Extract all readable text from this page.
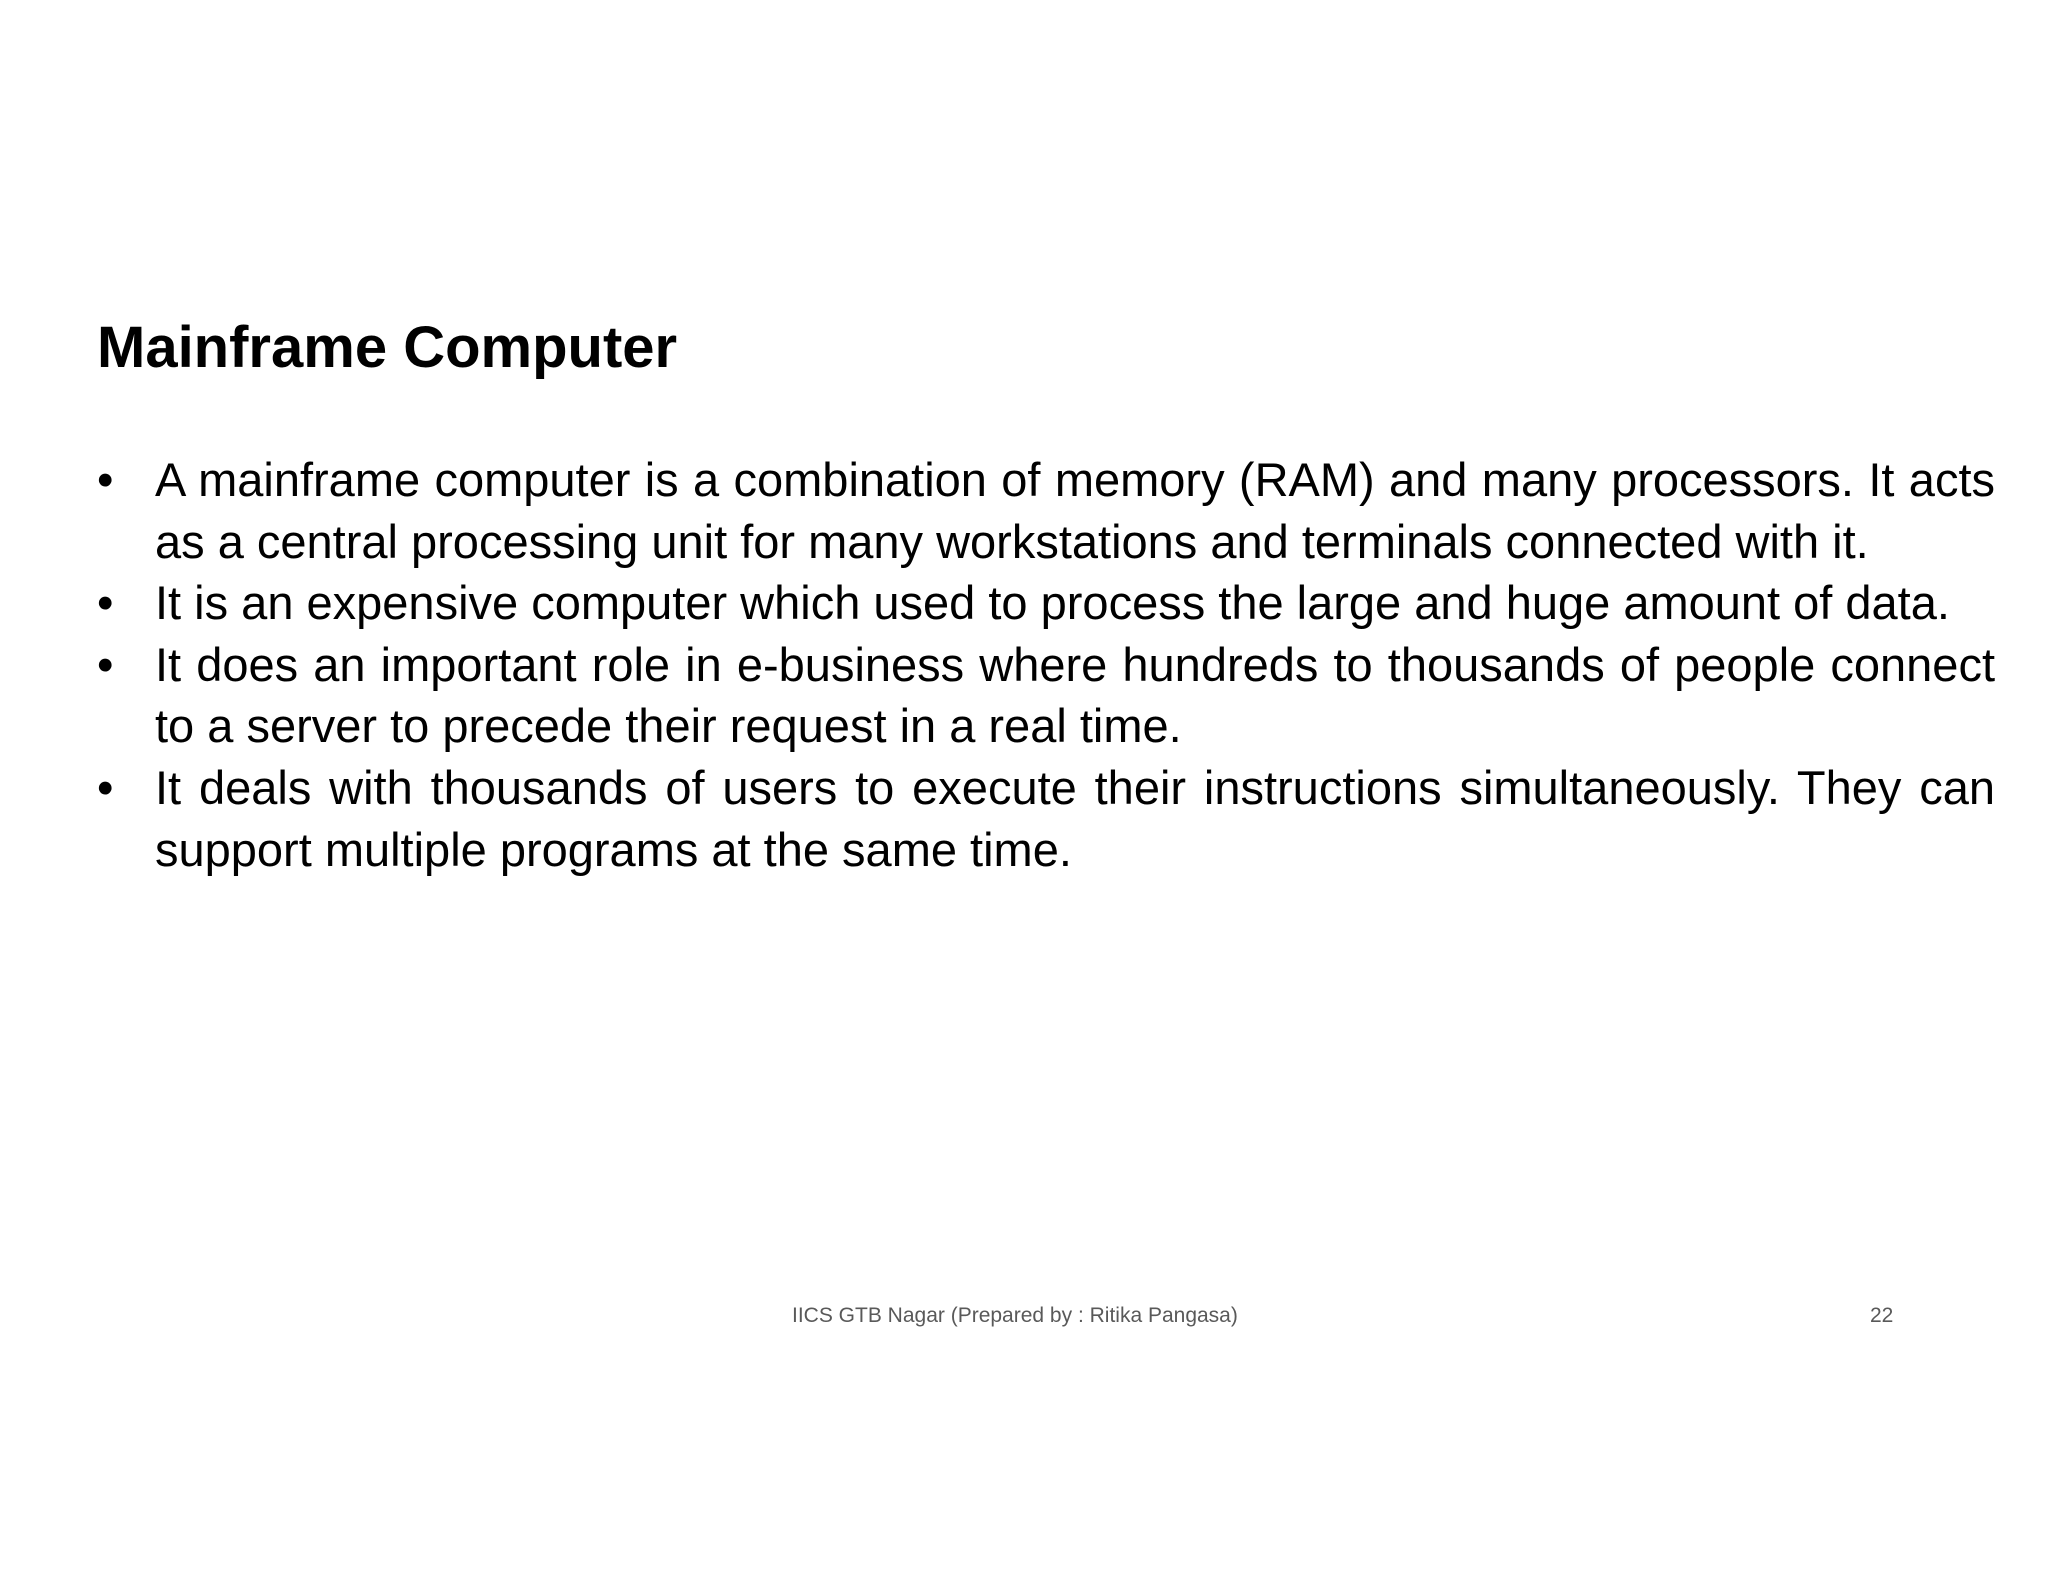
Mainframe Computer
• A mainframe computer is a combination of memory (RAM) and many processors. It acts as a central processing unit for many workstations and terminals connected with it.
• It is an expensive computer which used to process the large and huge amount of data.
• It does an important role in e-business where hundreds to thousands of people connect to a server to precede their request in a real time.
• It deals with thousands of users to execute their instructions simultaneously. They can support multiple programs at the same time.
IICS GTB Nagar (Prepared by : Ritika Pangasa)	22
